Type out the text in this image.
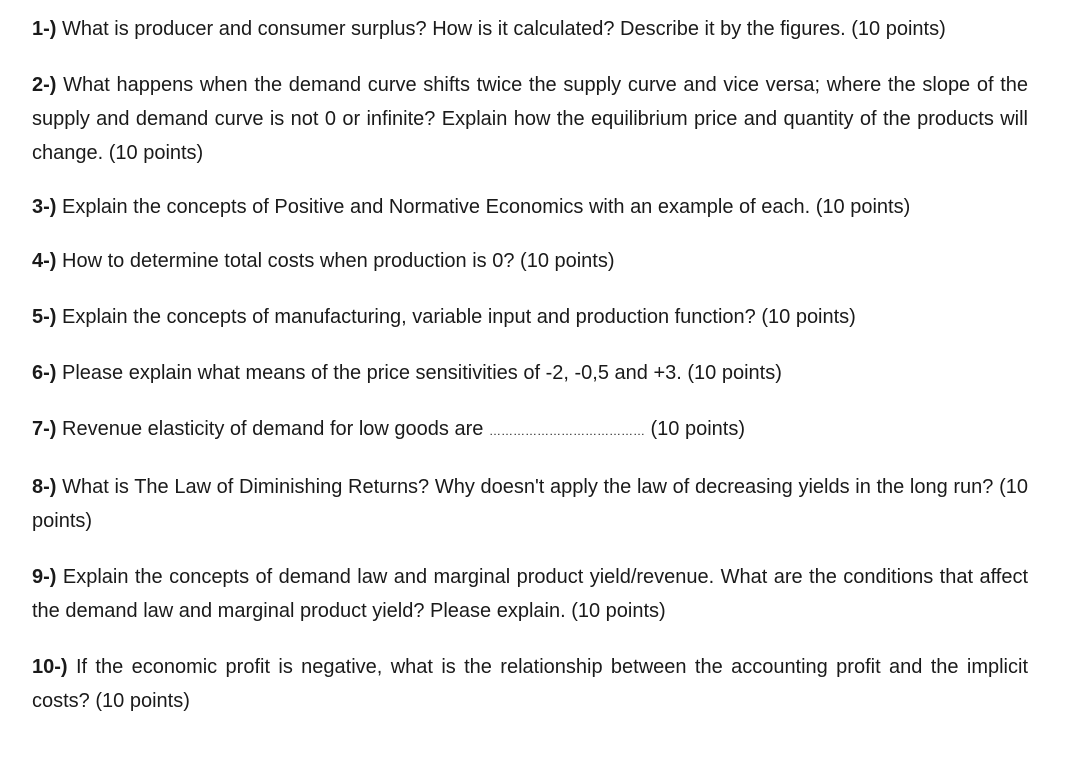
1-) What is producer and consumer surplus? How is it calculated? Describe it by the figures. (10 points)

2-) What happens when the demand curve shifts twice the supply curve and vice versa; where the slope of the supply and demand curve is not 0 or infinite? Explain how the equilibrium price and quantity of the products will change. (10 points)

3-) Explain the concepts of Positive and Normative Economics with an example of each. (10 points)

4-) How to determine total costs when production is 0? (10 points)

5-) Explain the concepts of manufacturing, variable input and production function? (10 points)

6-) Please explain what means of the price sensitivities of -2, -0,5 and +3. (10 points)

7-) Revenue elasticity of demand for low goods are ………………………………… (10 points)

8-) What is The Law of Diminishing Returns? Why doesn't apply the law of decreasing yields in the long run? (10 points)

9-) Explain the concepts of demand law and marginal product yield/revenue. What are the conditions that affect the demand law and marginal product yield? Please explain. (10 points)

10-) If the economic profit is negative, what is the relationship between the accounting profit and the implicit costs? (10 points)
